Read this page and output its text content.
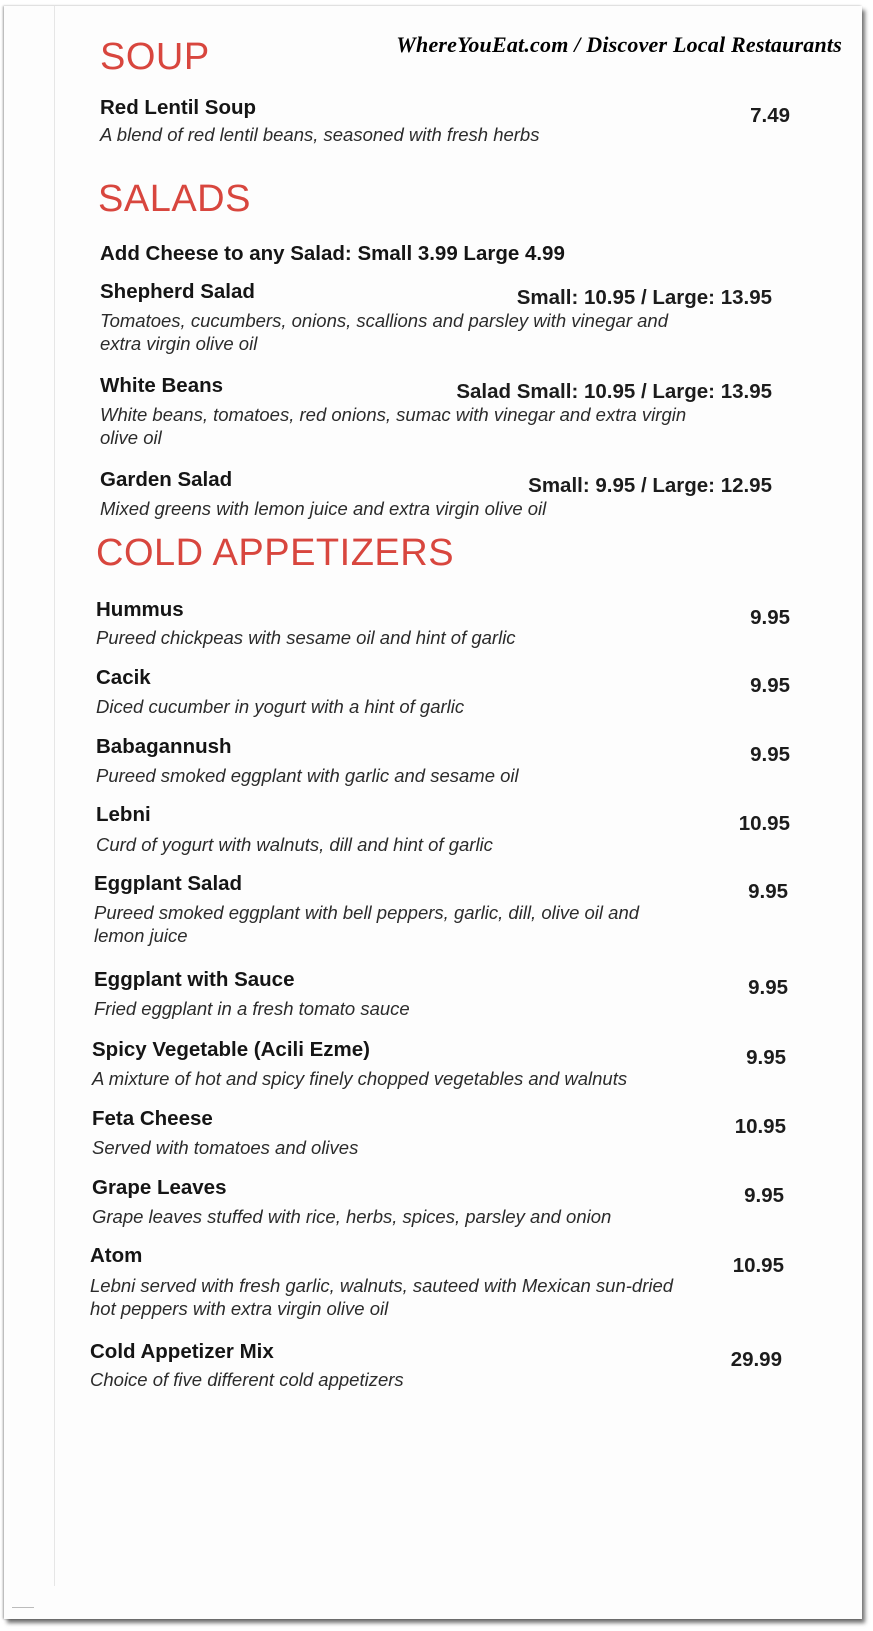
WhereYouEat.com / Discover Local Restaurants
SOUP
Red Lentil Soup
A blend of red lentil beans, seasoned with fresh herbs
7.49
SALADS
Add Cheese to any Salad: Small 3.99 Large 4.99
Shepherd Salad	Small: 10.95 / Large: 13.95
Tomatoes, cucumbers, onions, scallions and parsley with vinegar and
extra virgin olive oil
White Beans	Salad Small: 10.95 / Large: 13.95
White beans, tomatoes, red onions, sumac with vinegar and extra virgin
olive oil
Garden Salad	Small: 9.95 / Large: 12.95
Mixed greens with lemon juice and extra virgin olive oil
COLD APPETIZERS
Hummus	9.95
Pureed chickpeas with sesame oil and hint of garlic
Cacik	9.95
Diced cucumber in yogurt with a hint of garlic
Babagannush	9.95
Pureed smoked eggplant with garlic and sesame oil
Lebni	10.95
Curd of yogurt with walnuts, dill and hint of garlic
Eggplant Salad	9.95
Pureed smoked eggplant with bell peppers, garlic, dill, olive oil and
lemon juice
Eggplant with Sauce	9.95
Fried eggplant in a fresh tomato sauce
Spicy Vegetable (Acili Ezme)	9.95
A mixture of hot and spicy finely chopped vegetables and walnuts
Feta Cheese	10.95
Served with tomatoes and olives
Grape Leaves	9.95
Grape leaves stuffed with rice, herbs, spices, parsley and onion
Atom	10.95
Lebni served with fresh garlic, walnuts, sauteed with Mexican sun-dried
hot peppers with extra virgin olive oil
Cold Appetizer Mix	29.99
Choice of five different cold appetizers
